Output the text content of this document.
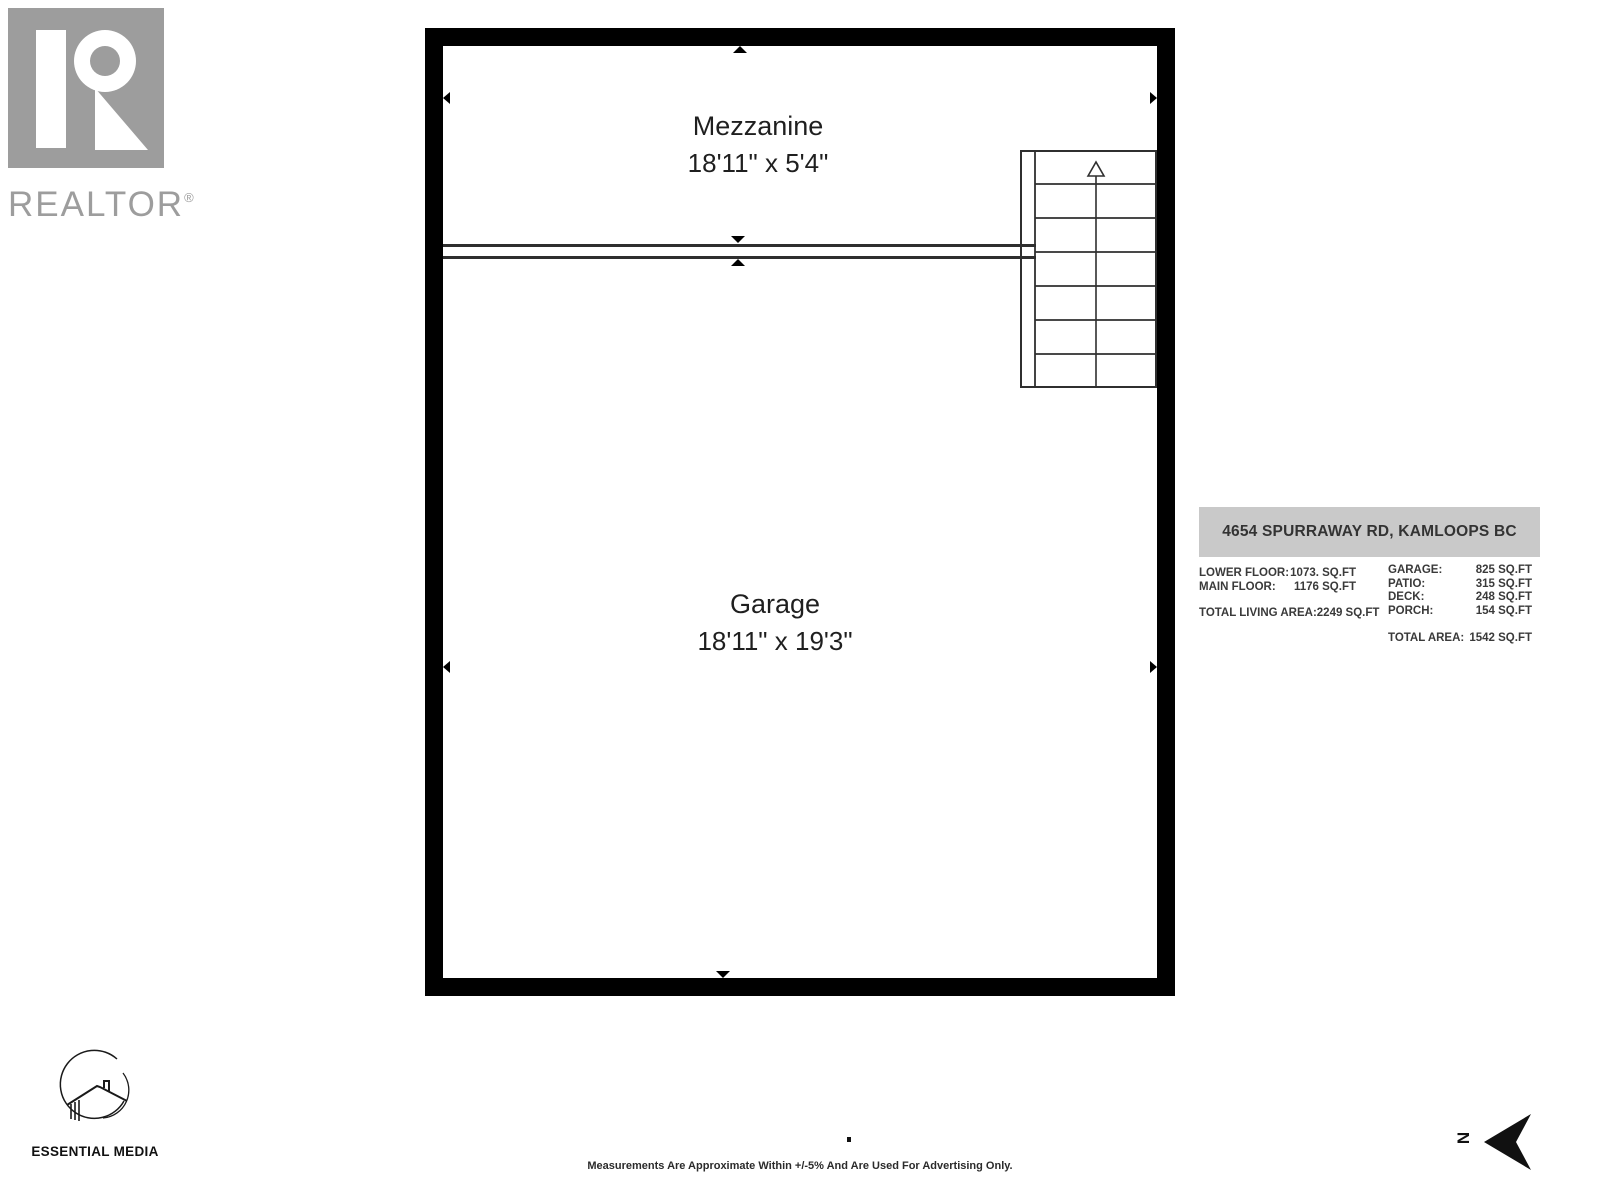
REALTOR®
Mezzanine
18'11" x 5'4"
Garage
18'11" x 19'3"
4654 SPURRAWAY RD, KAMLOOPS BC
LOWER FLOOR: 1073. SQ.FT
MAIN FLOOR: 1176 SQ.FT
TOTAL LIVING AREA: 2249 SQ.FT
GARAGE:	825 SQ.FT
PATIO:	315 SQ.FT
DECK:	248 SQ.FT
PORCH:	154 SQ.FT
TOTAL AREA: 1542 SQ.FT
ESSENTIAL MEDIA
Measurements Are Approximate Within +/-5% And Are Used For Advertising Only.
N
